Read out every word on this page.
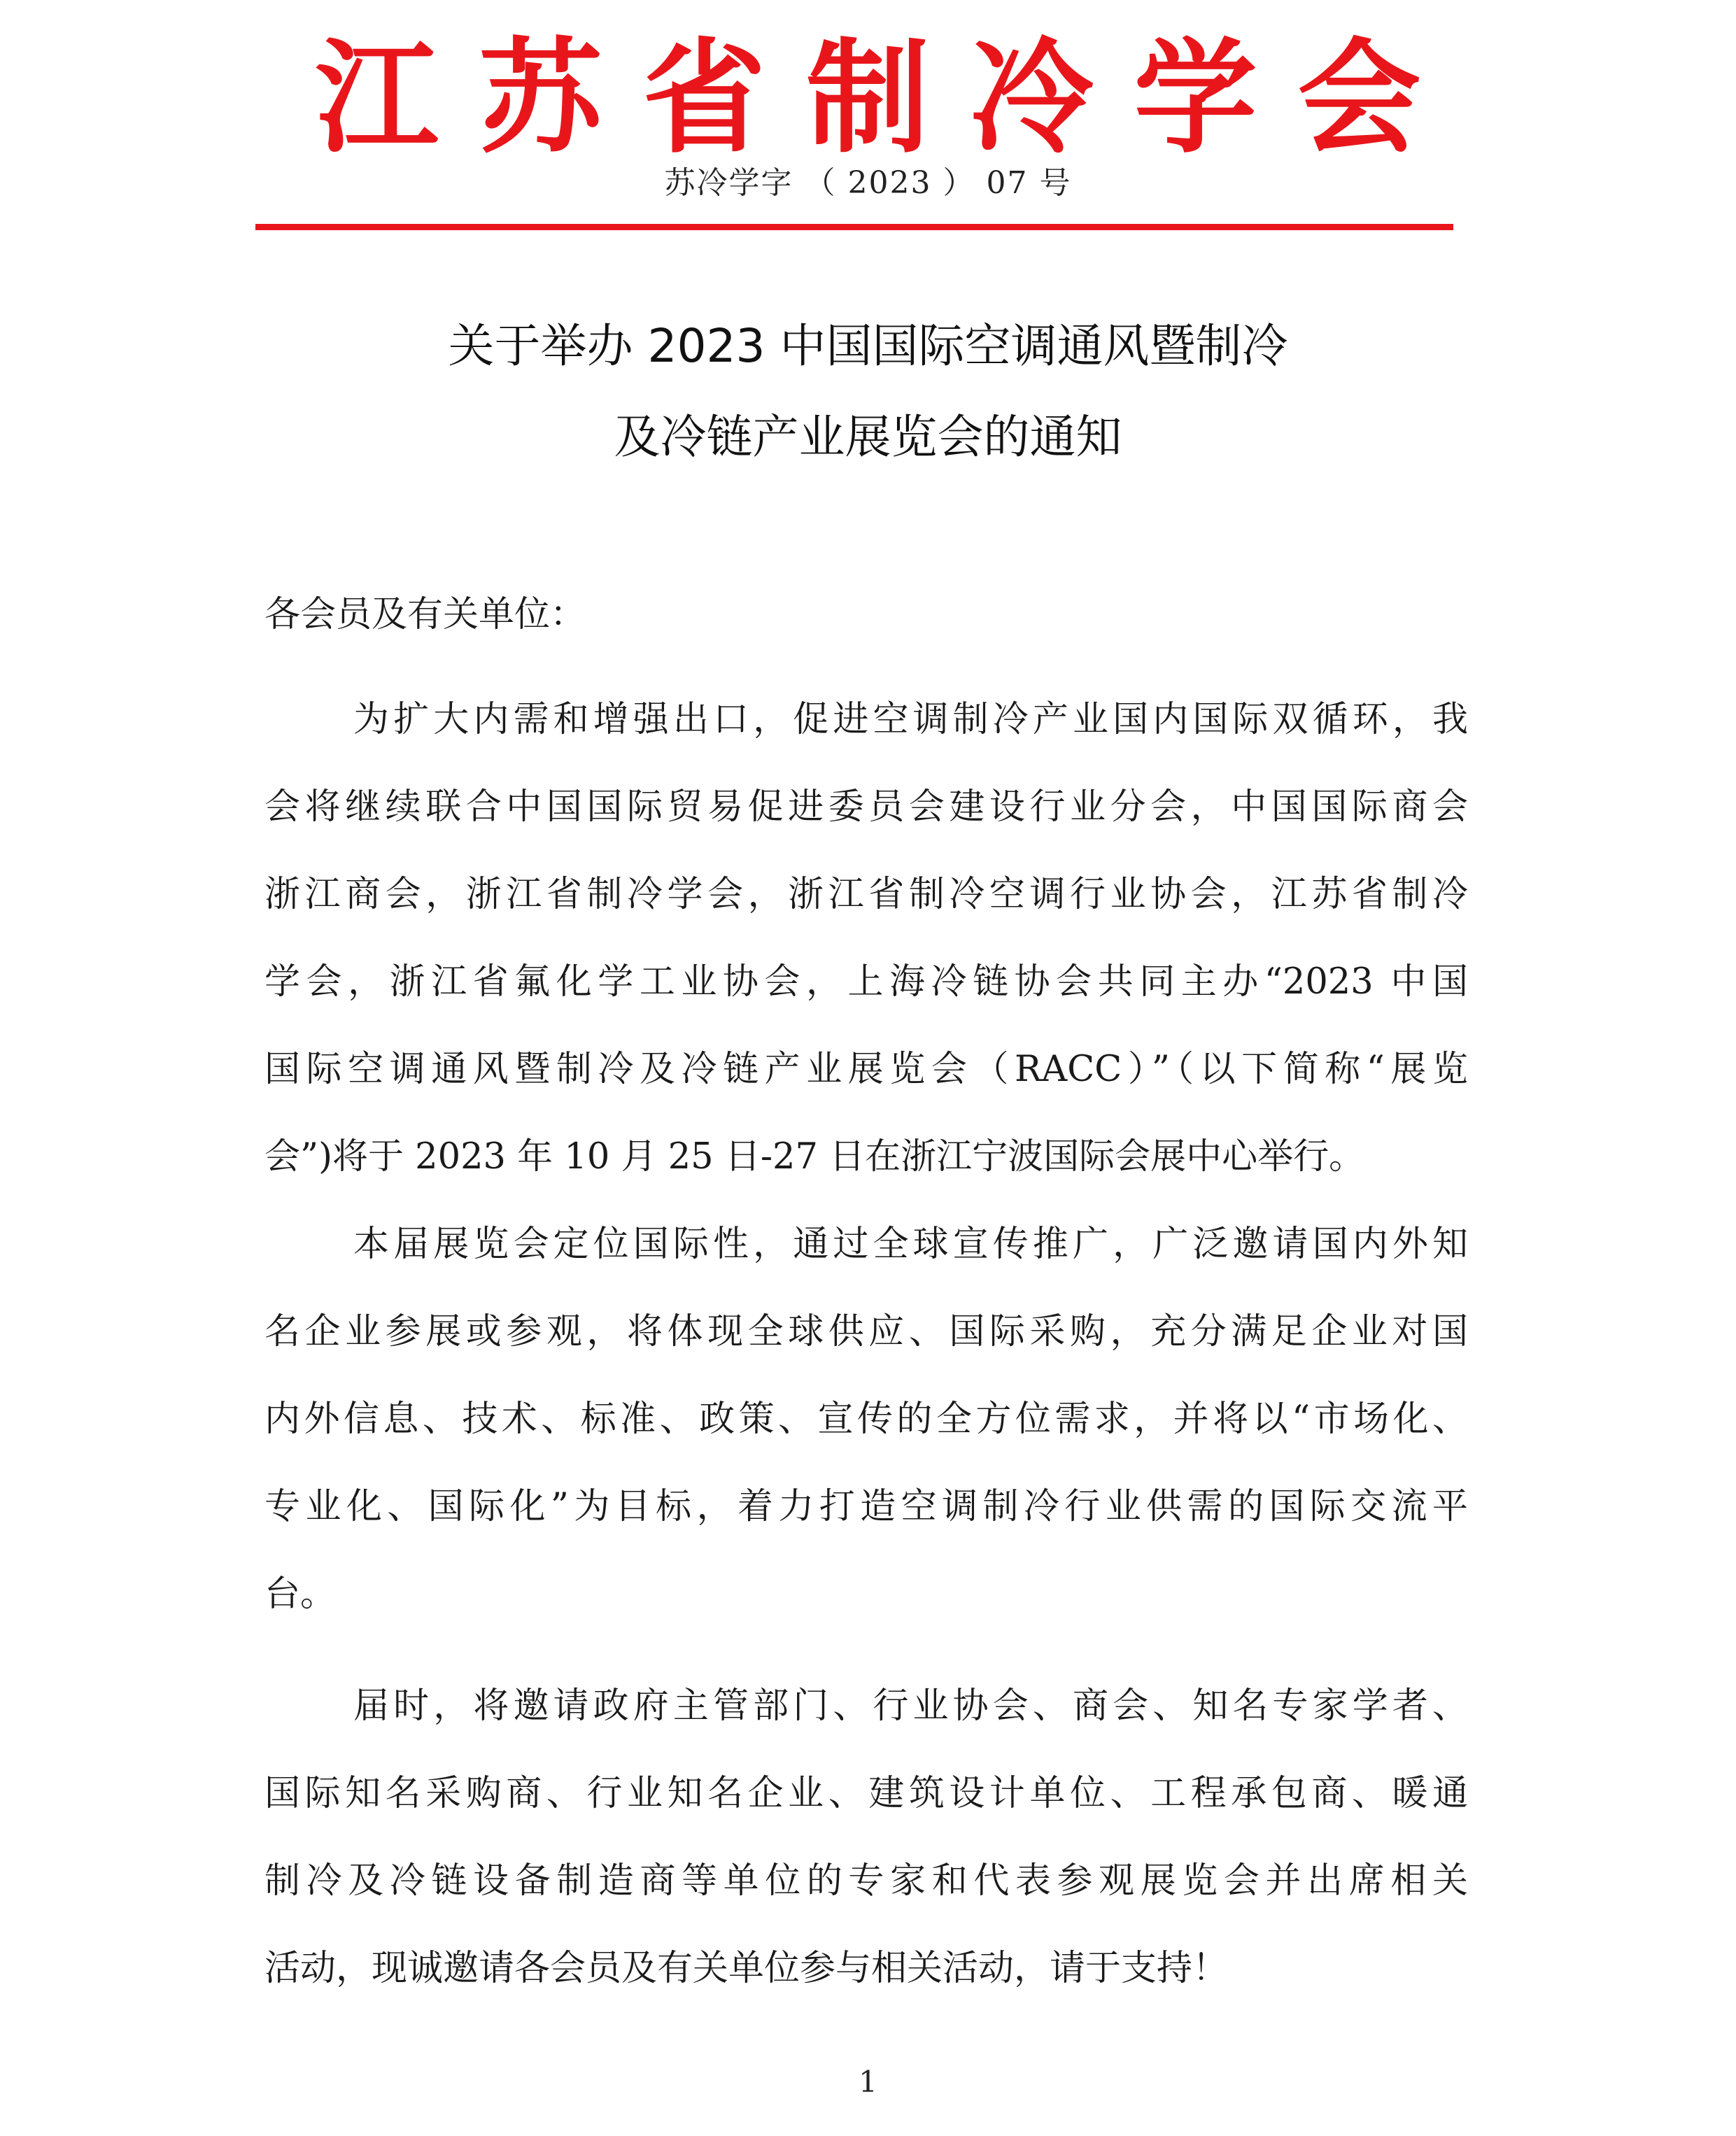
江苏省制冷学会
苏冷学字 （ 2023 ） 07 号
关于举办 2023 中国国际空调通风暨制冷
及冷链产业展览会的通知
各会员及有关单位：
为扩大内需和增强出口，促进空调制冷产业国内国际双循环，我
会将继续联合中国国际贸易促进委员会建设行业分会，中国国际商会
浙江商会，浙江省制冷学会，浙江省制冷空调行业协会，江苏省制冷
学会，浙江省氟化学工业协会，上海冷链协会共同主办“2023 中国
国际空调通风暨制冷及冷链产业展览会（RACC）”（以下简称“展览
会”)将于 2023 年 10 月 25 日-27 日在浙江宁波国际会展中心举行。
本届展览会定位国际性，通过全球宣传推广，广泛邀请国内外知
名企业参展或参观，将体现全球供应、国际采购，充分满足企业对国
内外信息、技术、标准、政策、宣传的全方位需求，并将以“市场化、
专业化、国际化”为目标，着力打造空调制冷行业供需的国际交流平
台。
届时，将邀请政府主管部门、行业协会、商会、知名专家学者、
国际知名采购商、行业知名企业、建筑设计单位、工程承包商、暖通
制冷及冷链设备制造商等单位的专家和代表参观展览会并出席相关
活动，现诚邀请各会员及有关单位参与相关活动，请于支持！
1
